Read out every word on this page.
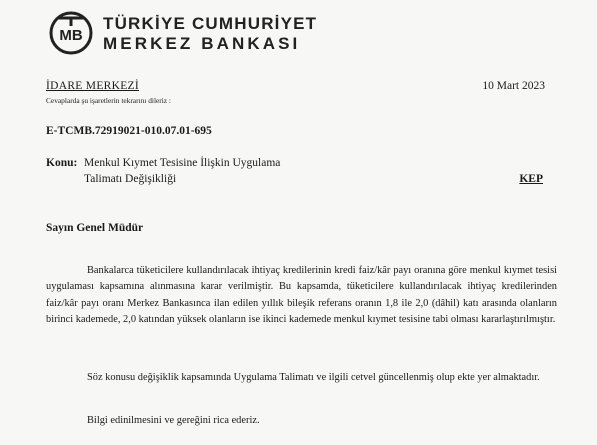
MB
TÜRKİYE CUMHURİYET
MERKEZ BANKASI
İDARE MERKEZİ	10 Mart 2023
Cevaplarda şu işaretlerin tekrarını dileriz :
E-TCMB.72919021-010.07.01-695
Konu: Menkul Kıymet Tesisine İlişkin Uygulama
Talimatı Değişikliği	KEP
Sayın Genel Müdür
Bankalarca tüketicilere kullandırılacak ihtiyaç kredilerinin kredi faiz/kâr payı oranına göre menkul kıymet tesisi uygulaması kapsamına alınmasına karar verilmiştir. Bu kapsamda, tüketicilere kullandırılacak ihtiyaç kredilerinden faiz/kâr payı oranı Merkez Bankasınca ilan edilen yıllık bileşik referans oranın 1,8 ile 2,0 (dâhil) katı arasında olanların birinci kademede, 2,0 katından yüksek olanların ise ikinci kademede menkul kıymet tesisine tabi olması kararlaştırılmıştır.
Söz konusu değişiklik kapsamında Uygulama Talimatı ve ilgili cetvel güncellenmiş olup ekte yer almaktadır.
Bilgi edinilmesini ve gereğini rica ederiz.
